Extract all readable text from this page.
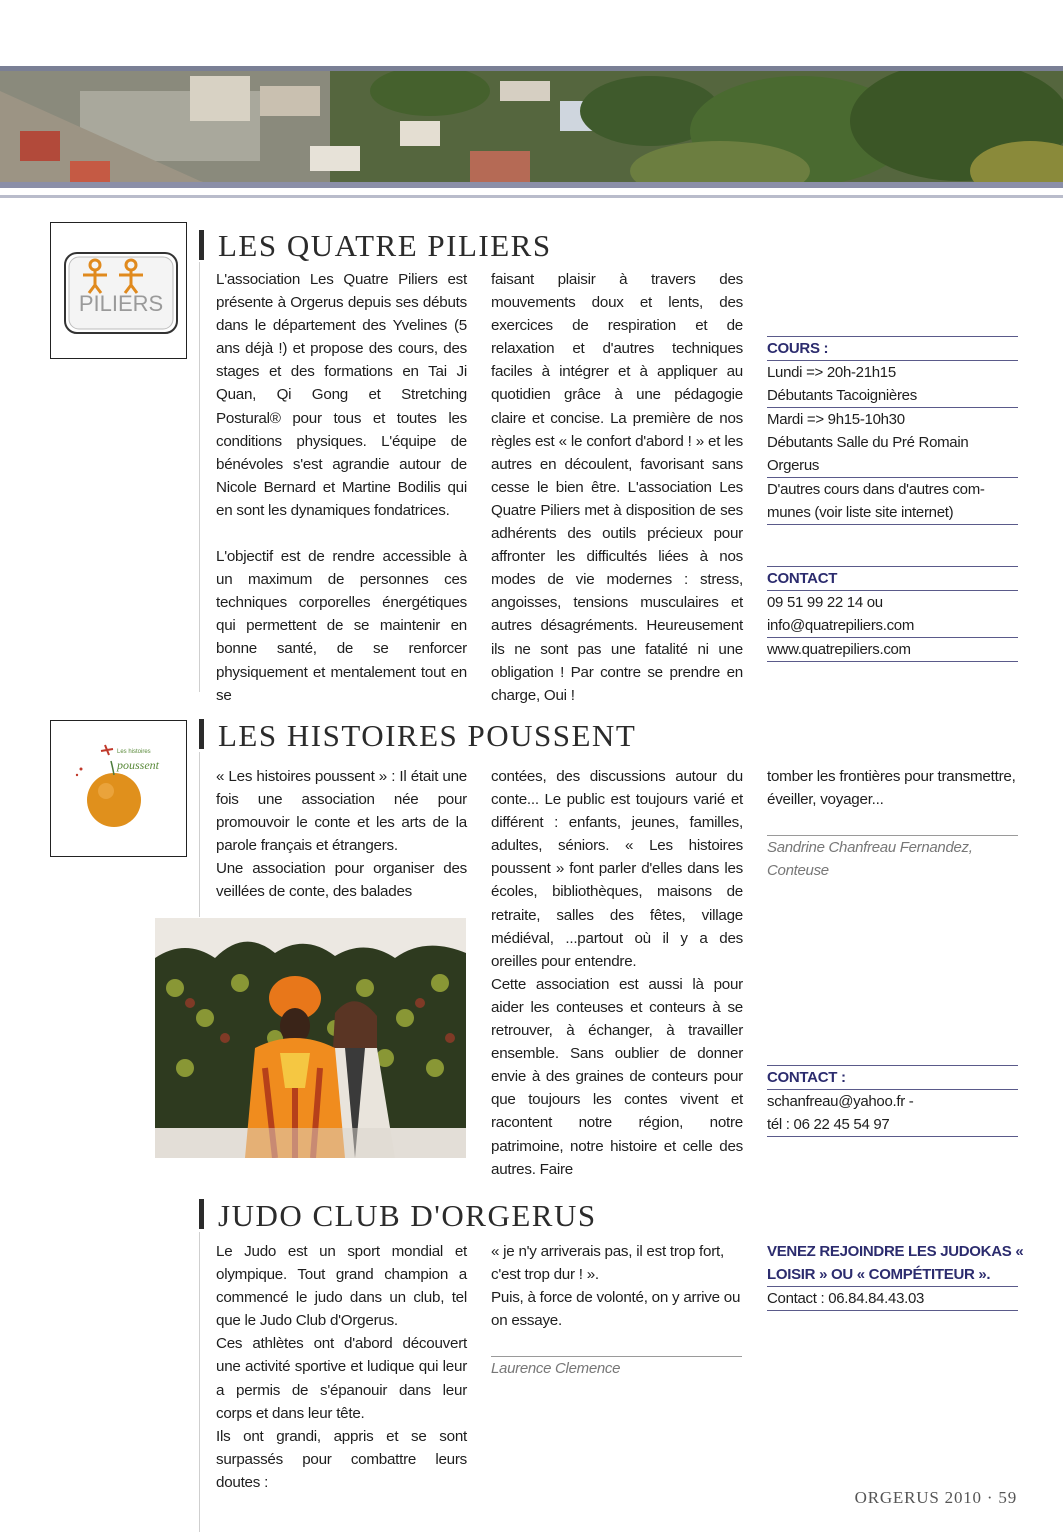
PILIERS
LES QUATRE PILIERS

L'association Les Quatre Piliers est présente à Orgerus depuis ses débuts dans le département des Yvelines (5 ans déjà !) et propose des cours, des stages et des formations en Tai Ji Quan, Qi Gong et Stretching Postural® pour tous et toutes les conditions physiques. L'équipe de bénévoles s'est agrandie autour de Nicole Bernard et Martine Bodilis qui en sont les dynamiques fondatrices.

L'objectif est de rendre accessible à un maximum de personnes ces techniques corporelles énergétiques qui permettent de se maintenir en bonne santé, de se renforcer physiquement et mentalement tout en se

faisant plaisir à travers des mouvements doux et lents, des exercices de respiration et de relaxation et d'autres techniques faciles à intégrer et à appliquer au quotidien grâce à une pédagogie claire et concise. La première de nos règles est « le confort d'abord ! » et les autres en découlent, favorisant sans cesse le bien être. L'association Les Quatre Piliers met à disposition de ses adhérents des outils précieux pour affronter les difficultés liées à nos modes de vie modernes : stress, angoisses, tensions musculaires et autres désagréments. Heureusement ils ne sont pas une fatalité ni une obligation ! Par contre se prendre en charge, Oui !

COURS :
Lundi => 20h-21h15
Débutants Tacoignières
Mardi => 9h15-10h30
Débutants Salle du Pré Romain
Orgerus
D'autres cours dans d'autres com-
munes (voir liste site internet)
CONTACT
09 51 99 22 14 ou
info@quatrepiliers.com
www.quatrepiliers.com
Les histoires
poussent
LES HISTOIRES POUSSENT

« Les histoires poussent » : Il était une fois une association née pour promouvoir le conte et les arts de la parole français et étrangers.

Une association pour organiser des veillées de conte, des balades

contées, des discussions autour du conte... Le public est toujours varié et différent : enfants, jeunes, familles, adultes, séniors. « Les histoires poussent » font parler d'elles dans les écoles, bibliothèques, maisons de retraite, salles des fêtes, village médiéval, ...partout où il y a des oreilles pour entendre.

Cette association est aussi là pour aider les conteuses et conteurs à se retrouver, à échanger, à travailler ensemble. Sans oublier de donner envie à des graines de conteurs pour que toujours les contes vivent et racontent notre région, notre patrimoine, notre histoire et celle des autres. Faire

tomber les frontières pour transmettre, éveiller, voyager...

Sandrine Chanfreau Fernandez,
Conteuse
CONTACT :
schanfreau@yahoo.fr -
tél : 06 22 45 54 97
JUDO CLUB D'ORGERUS

Le Judo est un sport mondial et olympique. Tout grand champion a commencé le judo dans un club, tel que le Judo Club d'Orgerus.

Ces athlètes ont d'abord découvert une activité sportive et ludique qui leur a permis de s'épanouir dans leur corps et dans leur tête.

Ils ont grandi, appris et se sont surpassés pour combattre leurs doutes :

« je n'y arriverais pas, il est trop fort, c'est trop dur ! ».

Puis, à force de volonté, on y arrive ou on essaye.

Laurence Clemence
VENEZ REJOINDRE LES JUDOKAS «
LOISIR » OU « COMPÉTITEUR ».
Contact : 06.84.84.43.03
ORGERUS 2010 · 59
